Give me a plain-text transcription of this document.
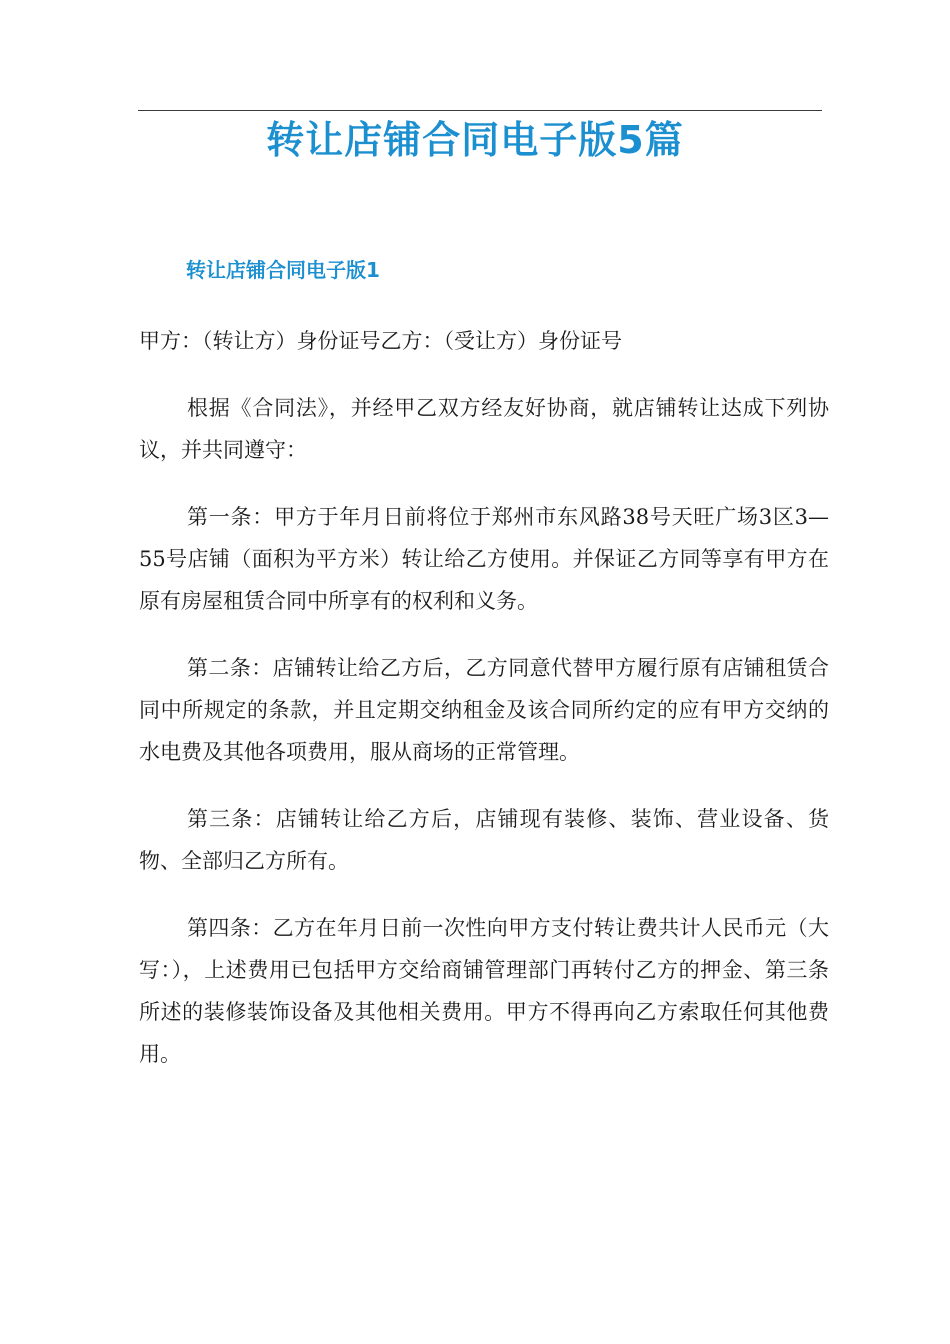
转让店铺合同电子版5篇
转让店铺合同电子版1

甲方：（转让方）身份证号乙方：（受让方）身份证号

根据《合同法》，并经甲乙双方经友好协商，就店铺转让达成下列协议，并共同遵守：

第一条：甲方于年月日前将位于郑州市东风路38号天旺广场3区3—55号店铺（面积为平方米）转让给乙方使用。并保证乙方同等享有甲方在原有房屋租赁合同中所享有的权利和义务。

第二条：店铺转让给乙方后，乙方同意代替甲方履行原有店铺租赁合同中所规定的条款，并且定期交纳租金及该合同所约定的应有甲方交纳的水电费及其他各项费用，服从商场的正常管理。

第三条：店铺转让给乙方后，店铺现有装修、装饰、营业设备、货物、全部归乙方所有。

第四条：乙方在年月日前一次性向甲方支付转让费共计人民币元（大写：），上述费用已包括甲方交给商铺管理部门再转付乙方的押金、第三条所述的装修装饰设备及其他相关费用。甲方不得再向乙方索取任何其他费用。
